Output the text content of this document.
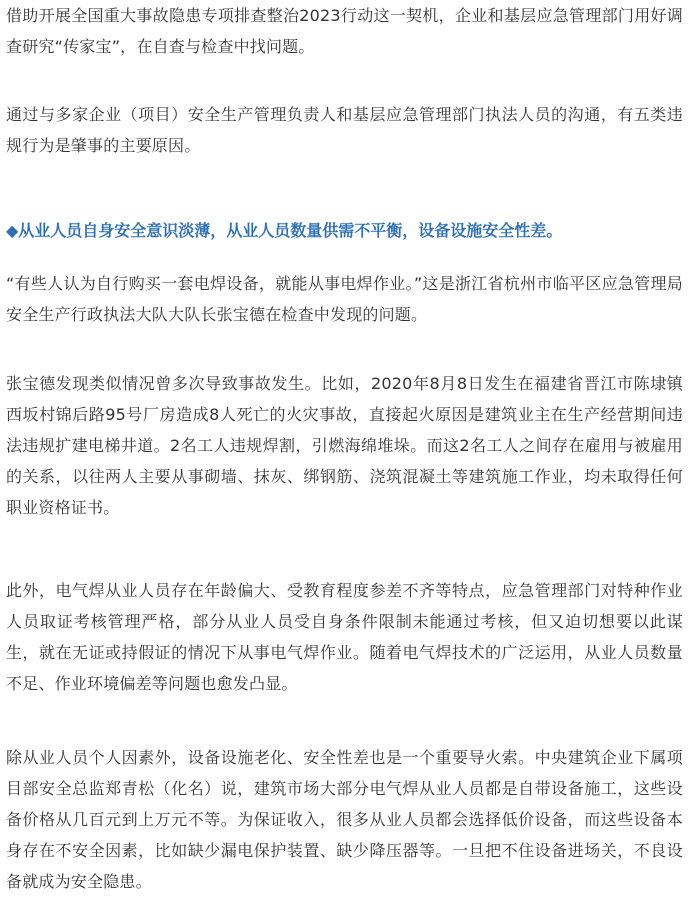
借助开展全国重大事故隐患专项排查整治2023行动这一契机，企业和基层应急管理部门用好调查研究“传家宝”，在自查与检查中找问题。

通过与多家企业（项目）安全生产管理负责人和基层应急管理部门执法人员的沟通，有五类违规行为是肇事的主要原因。

◆从业人员自身安全意识淡薄，从业人员数量供需不平衡，设备设施安全性差。

“有些人认为自行购买一套电焊设备，就能从事电焊作业。”这是浙江省杭州市临平区应急管理局安全生产行政执法大队大队长张宝德在检查中发现的问题。

张宝德发现类似情况曾多次导致事故发生。比如，2020年8月8日发生在福建省晋江市陈埭镇西坂村锦后路95号厂房造成8人死亡的火灾事故，直接起火原因是建筑业主在生产经营期间违法违规扩建电梯井道。2名工人违规焊割，引燃海绵堆垛。而这2名工人之间存在雇用与被雇用的关系，以往两人主要从事砌墙、抹灰、绑钢筋、浇筑混凝土等建筑施工作业，均未取得任何职业资格证书。

此外，电气焊从业人员存在年龄偏大、受教育程度参差不齐等特点，应急管理部门对特种作业人员取证考核管理严格，部分从业人员受自身条件限制未能通过考核，但又迫切想要以此谋生，就在无证或持假证的情况下从事电气焊作业。随着电气焊技术的广泛运用，从业人员数量不足、作业环境偏差等问题也愈发凸显。

除从业人员个人因素外，设备设施老化、安全性差也是一个重要导火索。中央建筑企业下属项目部安全总监郑青松（化名）说，建筑市场大部分电气焊从业人员都是自带设备施工，这些设备价格从几百元到上万元不等。为保证收入，很多从业人员都会选择低价设备，而这些设备本身存在不安全因素，比如缺少漏电保护装置、缺少降压器等。一旦把不住设备进场关，不良设备就成为安全隐患。
